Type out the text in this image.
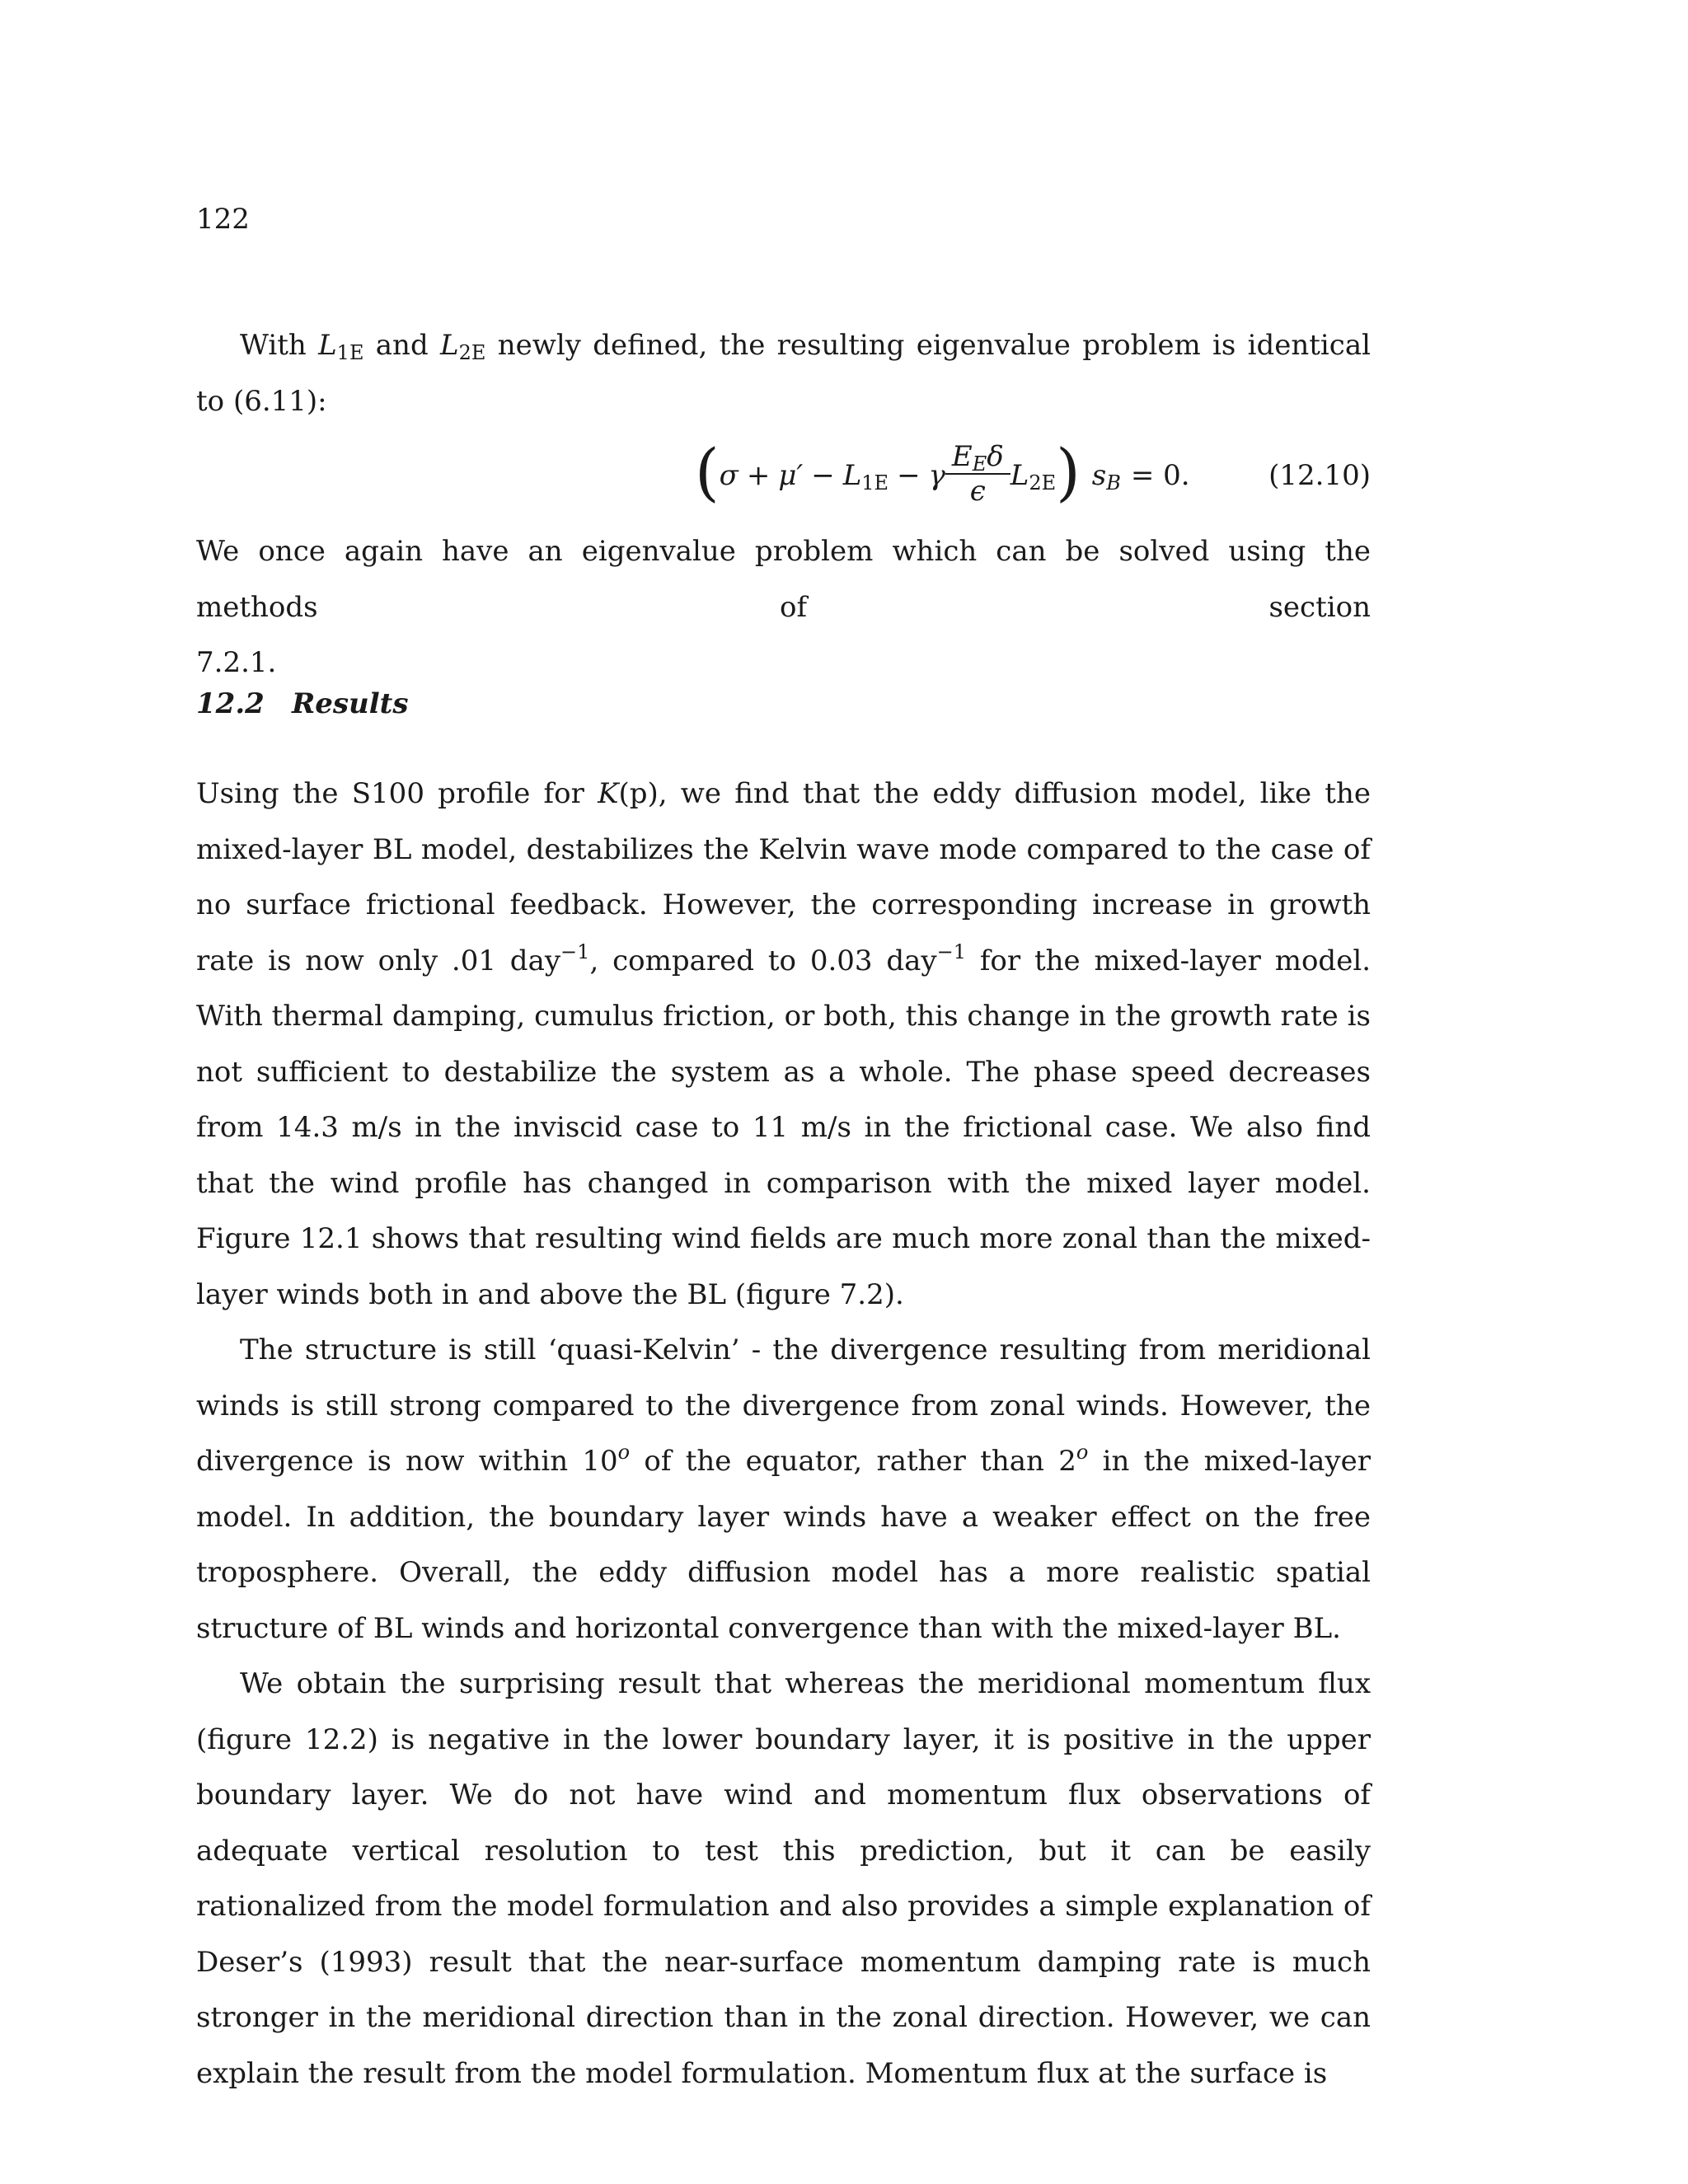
122

With $L_{1E}$ and $L_{2E}$ newly defined, the resulting eigenvalue problem is identical to (6.11):

( $\sigma + \mu' - L_{1E} - \gamma \frac{E_E\delta}{\epsilon} L_{2E}$ ) $s_B = 0$.	(12.10)

We once again have an eigenvalue problem which can be solved using the methods of section

7.2.1.

12.2 Results

Using the S100 profile for K(p), we find that the eddy diffusion model, like the mixed-layer BL model, destabilizes the Kelvin wave mode compared to the case of no surface frictional feedback. However, the corresponding increase in growth rate is now only .01 day$^{-1}$, compared to 0.03 day$^{-1}$ for the mixed-layer model. With thermal damping, cumulus friction, or both, this change in the growth rate is not sufficient to destabilize the system as a whole. The phase speed decreases from 14.3 m/s in the inviscid case to 11 m/s in the frictional case. We also find that the wind profile has changed in comparison with the mixed layer model. Figure 12.1 shows that resulting wind fields are much more zonal than the mixed-layer winds both in and above the BL (figure 7.2).

The structure is still ‘quasi-Kelvin’ - the divergence resulting from meridional winds is still strong compared to the divergence from zonal winds. However, the divergence is now within 10$^o$ of the equator, rather than 2$^o$ in the mixed-layer model. In addition, the boundary layer winds have a weaker effect on the free troposphere. Overall, the eddy diffusion model has a more realistic spatial structure of BL winds and horizontal convergence than with the mixed-layer BL.

We obtain the surprising result that whereas the meridional momentum flux (figure 12.2) is negative in the lower boundary layer, it is positive in the upper boundary layer. We do not have wind and momentum flux observations of adequate vertical resolution to test this prediction, but it can be easily rationalized from the model formulation and also provides a simple explanation of Deser’s (1993) result that the near-surface momentum damping rate is much stronger in the meridional direction than in the zonal direction. However, we can explain the result from the model formulation. Momentum flux at the surface is
